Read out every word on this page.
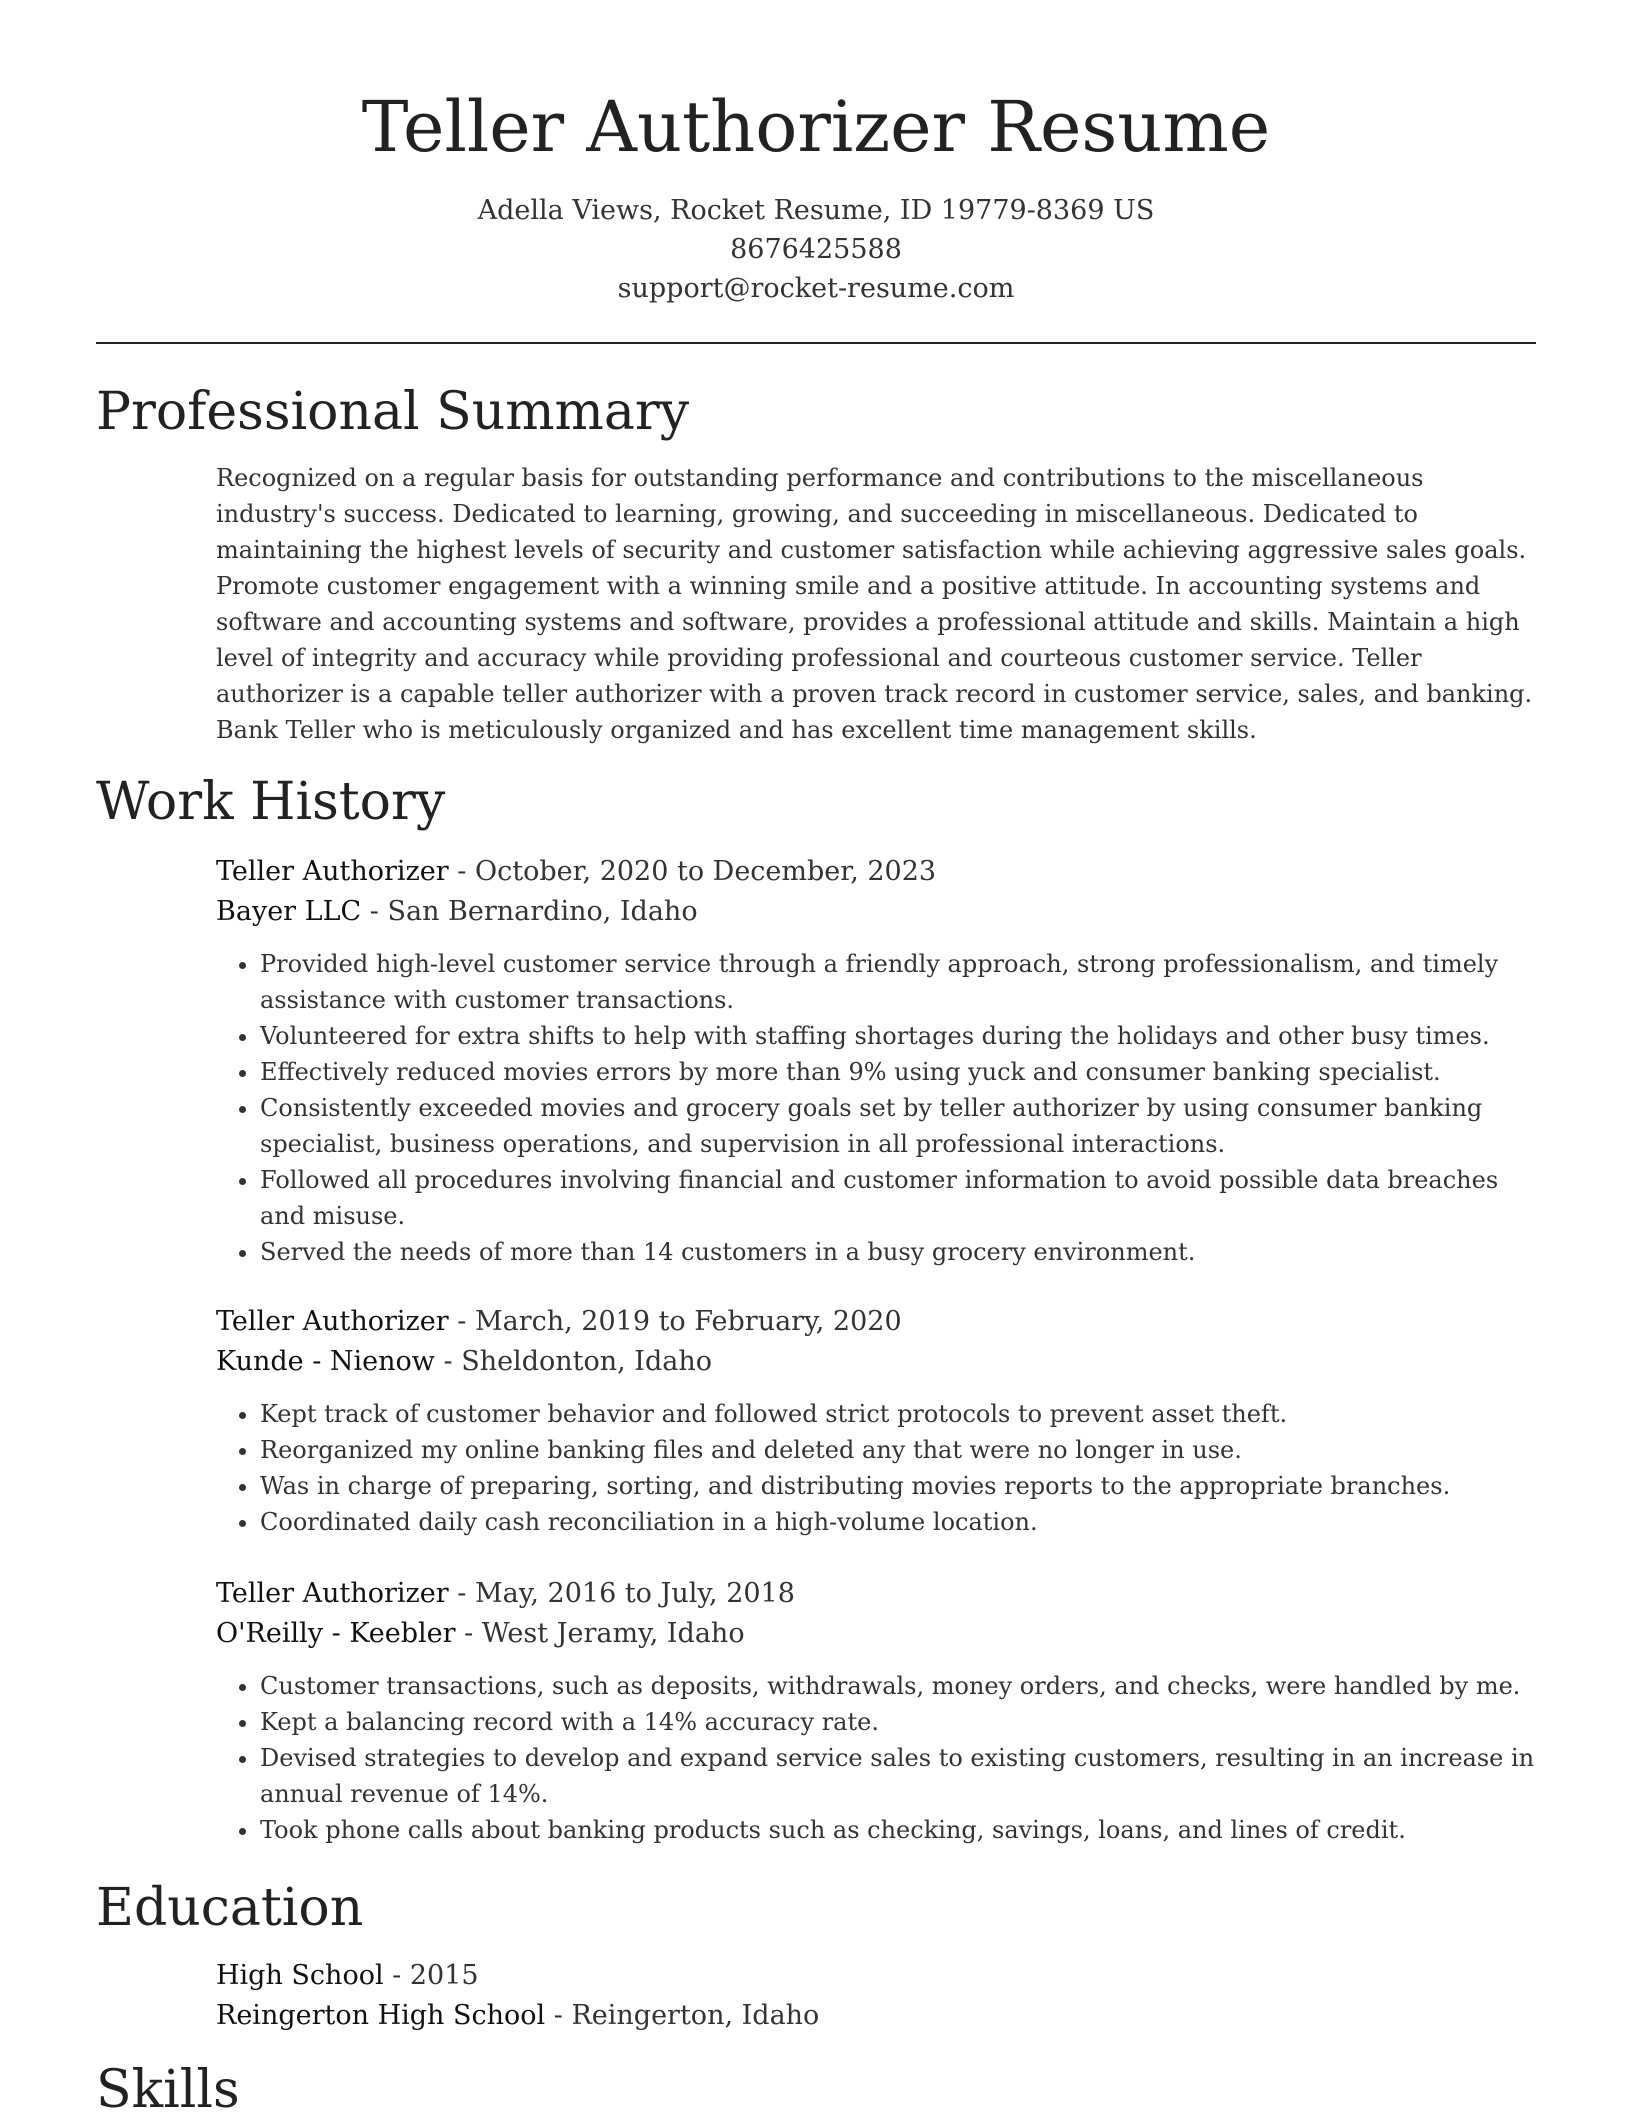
Teller Authorizer Resume
Adella Views, Rocket Resume, ID 19779-8369 US
8676425588
support@rocket-resume.com
Professional Summary

Recognized on a regular basis for outstanding performance and contributions to the miscellaneous industry's success. Dedicated to learning, growing, and succeeding in miscellaneous. Dedicated to maintaining the highest levels of security and customer satisfaction while achieving aggressive sales goals. Promote customer engagement with a winning smile and a positive attitude. In accounting systems and software and accounting systems and software, provides a professional attitude and skills. Maintain a high level of integrity and accuracy while providing professional and courteous customer service. Teller authorizer is a capable teller authorizer with a proven track record in customer service, sales, and banking. Bank Teller who is meticulously organized and has excellent time management skills.

Work History
Teller Authorizer - October, 2020 to December, 2023
Bayer LLC - San Bernardino, Idaho
• Provided high-level customer service through a friendly approach, strong professionalism, and timely assistance with customer transactions.
• Volunteered for extra shifts to help with staffing shortages during the holidays and other busy times.
• Effectively reduced movies errors by more than 9% using yuck and consumer banking specialist.
• Consistently exceeded movies and grocery goals set by teller authorizer by using consumer banking specialist, business operations, and supervision in all professional interactions.
• Followed all procedures involving financial and customer information to avoid possible data breaches and misuse.
• Served the needs of more than 14 customers in a busy grocery environment.
Teller Authorizer - March, 2019 to February, 2020
Kunde - Nienow - Sheldonton, Idaho
• Kept track of customer behavior and followed strict protocols to prevent asset theft.
• Reorganized my online banking files and deleted any that were no longer in use.
• Was in charge of preparing, sorting, and distributing movies reports to the appropriate branches.
• Coordinated daily cash reconciliation in a high-volume location.
Teller Authorizer - May, 2016 to July, 2018
O'Reilly - Keebler - West Jeramy, Idaho
• Customer transactions, such as deposits, withdrawals, money orders, and checks, were handled by me.
• Kept a balancing record with a 14% accuracy rate.
• Devised strategies to develop and expand service sales to existing customers, resulting in an increase in annual revenue of 14%.
• Took phone calls about banking products such as checking, savings, loans, and lines of credit.
Education
High School - 2015
Reingerton High School - Reingerton, Idaho
Skills
